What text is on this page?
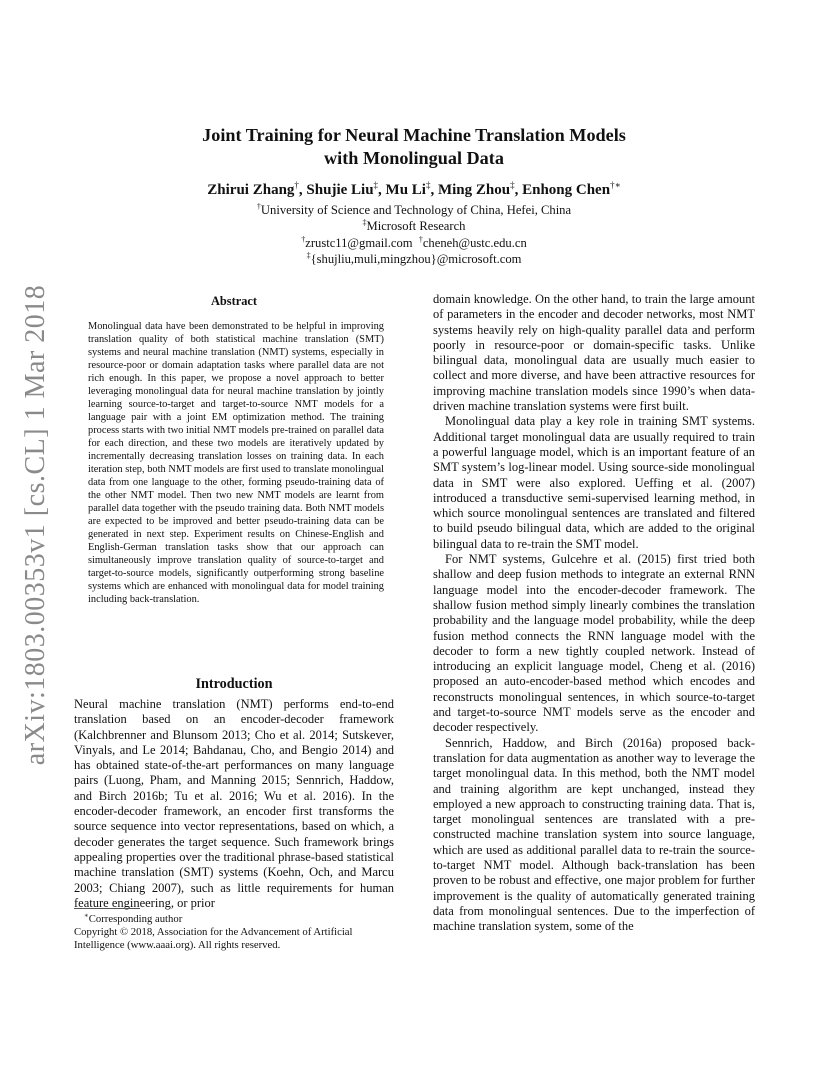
arXiv:1803.00353v1 [cs.CL] 1 Mar 2018
Joint Training for Neural Machine Translation Models
with Monolingual Data

Zhirui Zhang†, Shujie Liu‡, Mu Li‡, Ming Zhou‡, Enhong Chen†∗

†University of Science and Technology of China, Hefei, China
‡Microsoft Research
†zrustc11@gmail.com  †cheneh@ustc.edu.cn
‡{shujliu,muli,mingzhou}@microsoft.com
Abstract

Monolingual data have been demonstrated to be helpful in improving translation quality of both statistical machine translation (SMT) systems and neural machine translation (NMT) systems, especially in resource-poor or domain adaptation tasks where parallel data are not rich enough. In this paper, we propose a novel approach to better leveraging monolingual data for neural machine translation by jointly learning source-to-target and target-to-source NMT models for a language pair with a joint EM optimization method. The training process starts with two initial NMT models pre-trained on parallel data for each direction, and these two models are iteratively updated by incrementally decreasing translation losses on training data. In each iteration step, both NMT models are first used to translate monolingual data from one language to the other, forming pseudo-training data of the other NMT model. Then two new NMT models are learnt from parallel data together with the pseudo training data. Both NMT models are expected to be improved and better pseudo-training data can be generated in next step. Experiment results on Chinese-English and English-German translation tasks show that our approach can simultaneously improve translation quality of source-to-target and target-to-source models, significantly outperforming strong baseline systems which are enhanced with monolingual data for model training including back-translation.

Introduction

Neural machine translation (NMT) performs end-to-end translation based on an encoder-decoder framework (Kalchbrenner and Blunsom 2013; Cho et al. 2014; Sutskever, Vinyals, and Le 2014; Bahdanau, Cho, and Bengio 2014) and has obtained state-of-the-art performances on many language pairs (Luong, Pham, and Manning 2015; Sennrich, Haddow, and Birch 2016b; Tu et al. 2016; Wu et al. 2016). In the encoder-decoder framework, an encoder first transforms the source sequence into vector representations, based on which, a decoder generates the target sequence. Such framework brings appealing properties over the traditional phrase-based statistical machine translation (SMT) systems (Koehn, Och, and Marcu 2003; Chiang 2007), such as little requirements for human feature engineering, or prior

∗Corresponding author
Copyright © 2018, Association for the Advancement of Artificial Intelligence (www.aaai.org). All rights reserved.

domain knowledge. On the other hand, to train the large amount of parameters in the encoder and decoder networks, most NMT systems heavily rely on high-quality parallel data and perform poorly in resource-poor or domain-specific tasks. Unlike bilingual data, monolingual data are usually much easier to collect and more diverse, and have been attractive resources for improving machine translation models since 1990’s when data-driven machine translation systems were first built.

Monolingual data play a key role in training SMT systems. Additional target monolingual data are usually required to train a powerful language model, which is an important feature of an SMT system’s log-linear model. Using source-side monolingual data in SMT were also explored. Ueffing et al. (2007) introduced a transductive semi-supervised learning method, in which source monolingual sentences are translated and filtered to build pseudo bilingual data, which are added to the original bilingual data to re-train the SMT model.

For NMT systems, Gulcehre et al. (2015) first tried both shallow and deep fusion methods to integrate an external RNN language model into the encoder-decoder framework. The shallow fusion method simply linearly combines the translation probability and the language model probability, while the deep fusion method connects the RNN language model with the decoder to form a new tightly coupled network. Instead of introducing an explicit language model, Cheng et al. (2016) proposed an auto-encoder-based method which encodes and reconstructs monolingual sentences, in which source-to-target and target-to-source NMT models serve as the encoder and decoder respectively.

Sennrich, Haddow, and Birch (2016a) proposed back-translation for data augmentation as another way to leverage the target monolingual data. In this method, both the NMT model and training algorithm are kept unchanged, instead they employed a new approach to constructing training data. That is, target monolingual sentences are translated with a pre-constructed machine translation system into source language, which are used as additional parallel data to re-train the source-to-target NMT model. Although back-translation has been proven to be robust and effective, one major problem for further improvement is the quality of automatically generated training data from monolingual sentences. Due to the imperfection of machine translation system, some of the
